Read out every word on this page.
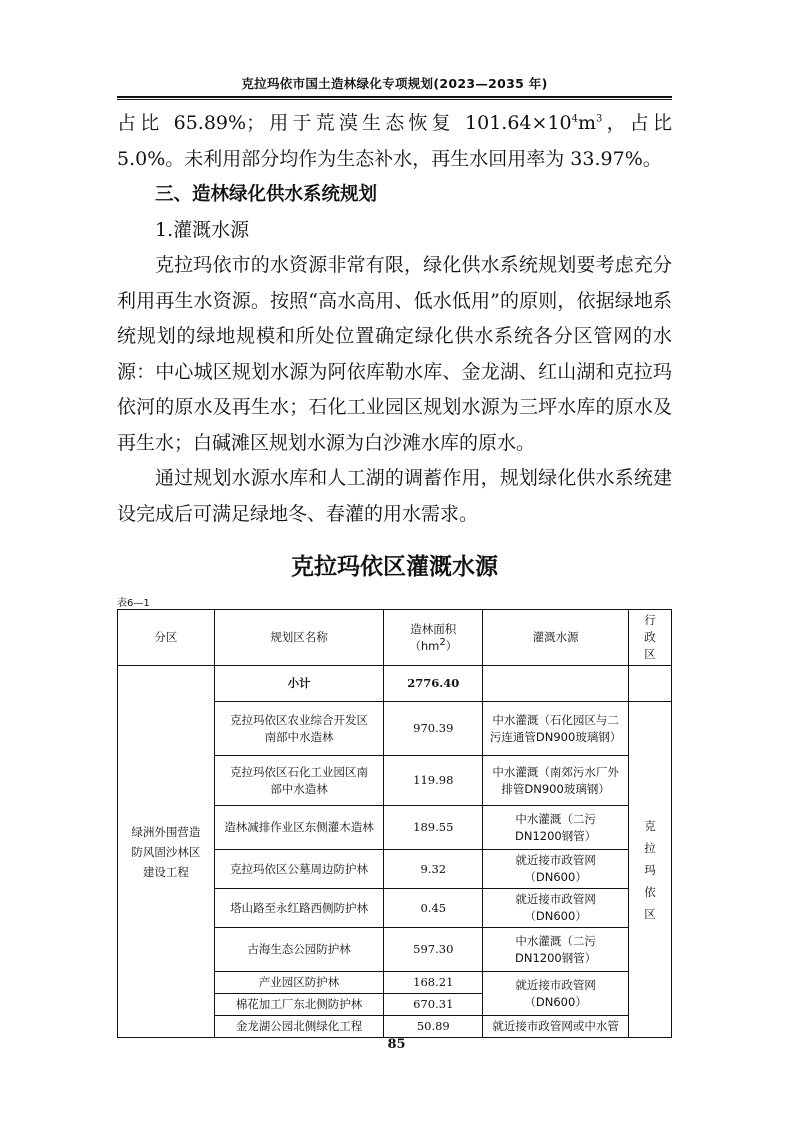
克拉玛依市国土造林绿化专项规划(2023—2035 年)

占比 65.89%；用于荒漠生态恢复 $101.64\times 10^4m^3$，占比 5.0%。未利用部分均作为生态补水，再生水回用率为 33.97%。

三、造林绿化供水系统规划

1.灌溉水源

克拉玛依市的水资源非常有限，绿化供水系统规划要考虑充分利用再生水资源。按照“高水高用、低水低用”的原则，依据绿地系统规划的绿地规模和所处位置确定绿化供水系统各分区管网的水源：中心城区规划水源为阿依库勒水库、金龙湖、红山湖和克拉玛依河的原水及再生水；石化工业园区规划水源为三坪水库的原水及再生水；白碱滩区规划水源为白沙滩水库的原水。

通过规划水源水库和人工湖的调蓄作用，规划绿化供水系统建设完成后可满足绿地冬、春灌的用水需求。

克拉玛依区灌溉水源
表6—1
分区	规划区名称	造林面积$(hm^2)$	灌溉水源	行政区
绿洲外围营造防风固沙林区建设工程	小计	2776.40		
	克拉玛依区农业综合开发区南部中水造林	970.39	中水灌溉（石化园区与二污连通管DN900玻璃钢）	克拉玛依区
	克拉玛依区石化工业园区南部中水造林	119.98	中水灌溉（南郊污水厂外排管DN900玻璃钢）	
	造林减排作业区东侧灌木造林	189.55	中水灌溉（二污DN1200钢管）	
	克拉玛依区公墓周边防护林	9.32	就近接市政管网（DN600）	
	塔山路至永红路西侧防护林	0.45	就近接市政管网（DN600）	
	古海生态公园防护林	597.30	中水灌溉（二污DN1200钢管）	
	产业园区防护林	168.21	就近接市政管网（DN600）	
	棉花加工厂东北侧防护林	670.31		
	金龙湖公园北侧绿化工程	50.89	就近接市政管网或中水管	
85
